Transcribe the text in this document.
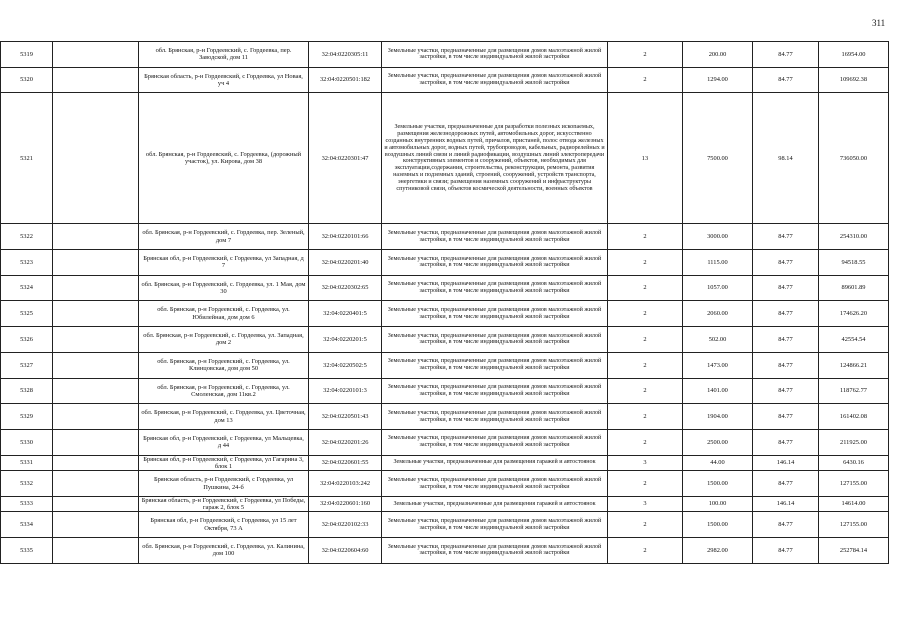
311
5319		обл. Брянская, р-н Гордеевский, с. Гордеевка, пер. Заводской, дом 11	32:04:0220305:11	Земельные участки, предназначенные для размещения домов малоэтажной жилой застройки, в том числе индивидуальной жилой застройки	2	200.00	84.77	16954.00
5320		Брянская область, р-н Гордеевский, с Гордеевка, ул Новая, уч 4	32:04:0220501:182	Земельные участки, предназначенные для размещения домов малоэтажной жилой застройки, в том числе индивидуальной жилой застройки	2	1294.00	84.77	109692.38
5321		обл. Брянская, р-н Гордеевский, с. Гордеевка, (дорожный участок), ул. Кирова, дом 38	32:04:0220301:47	Земельные участки, предназначенные для разработки полезных ископаемых, размещения железнодорожных путей, автомобильных дорог, искусственно созданных внутренних водных путей, причалов, пристаней, полос отвода железных и автомобильных дорог, водных путей, трубопроводов, кабельных, радиорелейных и воздушных линий связи и линий радиофикации, воздушных линий электропередачи конструктивных элементов и сооружений, объектов, необходимых для эксплуатации,содержания, строительства, реконструкции, ремонта, развития наземных и подземных зданий, строений, сооружений, устройств транспорта, энергетики и связи; размещения наземных сооружений и инфраструктуры спутниковой связи, объектов космической деятельности, военных объектов	13	7500.00	98.14	736050.00
5322		обл. Брянская, р-н Гордеевский, с. Гордеевка, пер. Зеленый, дом 7	32:04:0220101:66	Земельные участки, предназначенные для размещения домов малоэтажной жилой застройки, в том числе индивидуальной жилой застройки	2	3000.00	84.77	254310.00
5323		Брянская обл, р-н Гордеевский, с Гордеевка, ул Западная, д 7	32:04:0220201:40	Земельные участки, предназначенные для размещения домов малоэтажной жилой застройки, в том числе индивидуальной жилой застройки	2	1115.00	84.77	94518.55
5324		обл. Брянская, р-н Гордеевский, с. Гордеевка, ул. 1 Мая, дом 30	32:04:0220302:65	Земельные участки, предназначенные для размещения домов малоэтажной жилой застройки, в том числе индивидуальной жилой застройки	2	1057.00	84.77	89601.89
5325		обл. Брянская, р-н Гордеевский, с. Гордеевка, ул. Юбилейная, дом дом 6	32:04:0220401:5	Земельные участки, предназначенные для размещения домов малоэтажной жилой застройки, в том числе индивидуальной жилой застройки	2	2060.00	84.77	174626.20
5326		обл. Брянская, р-н Гордеевский, с. Гордеевка, ул. Западная, дом 2	32:04:0220201:5	Земельные участки, предназначенные для размещения домов малоэтажной жилой застройки, в том числе индивидуальной жилой застройки	2	502.00	84.77	42554.54
5327		обл. Брянская, р-н Гордеевский, с. Гордеевка, ул. Клинцовская, дом дом 50	32:04:0220502:5	Земельные участки, предназначенные для размещения домов малоэтажной жилой застройки, в том числе индивидуальной жилой застройки	2	1473.00	84.77	124866.21
5328		обл. Брянская, р-н Гордеевский, с. Гордеевка, ул. Смоленская, дом 11кв.2	32:04:0220101:3	Земельные участки, предназначенные для размещения домов малоэтажной жилой застройки, в том числе индивидуальной жилой застройки	2	1401.00	84.77	118762.77
5329		обл. Брянская, р-н Гордеевский, с. Гордеевка, ул. Цветочная, дом 13	32:04:0220501:43	Земельные участки, предназначенные для размещения домов малоэтажной жилой застройки, в том числе индивидуальной жилой застройки	2	1904.00	84.77	161402.08
5330		Брянская обл, р-н Гордеевский, с Гордеевка, ул Мальцевка, д 44	32:04:0220201:26	Земельные участки, предназначенные для размещения домов малоэтажной жилой застройки, в том числе индивидуальной жилой застройки	2	2500.00	84.77	211925.00
5331		Брянская обл, р-н Гордеевский, с Гордеевка, ул Гагарина 3, блок 1	32:04:0220601:55	Земельные участки, предназначенные для размещения гаражей и автостоянок	3	44.00	146.14	6430.16
5332		Брянская область, р-н Гордеевский, с Гордеевка, ул Пушкина, 24-б	32:04:0220103:242	Земельные участки, предназначенные для размещения домов малоэтажной жилой застройки, в том числе индивидуальной жилой застройки	2	1500.00	84.77	127155.00
5333		Брянская область, р-н Гордеевский, с Гордеевка, ул Победы, гараж 2, блок 5	32:04:0220601:160	Земельные участки, предназначенные для размещения гаражей и автостоянок	3	100.00	146.14	14614.00
5334		Брянская обл, р-н Гордеевский, с Гордеевка, ул 15 лет Октября, 73 А	32:04:0220102:33	Земельные участки, предназначенные для размещения домов малоэтажной жилой застройки, в том числе индивидуальной жилой застройки	2	1500.00	84.77	127155.00
5335		обл. Брянская, р-н Гордеевский, с. Гордеевка, ул. Калинина, дом 100	32:04:0220604:60	Земельные участки, предназначенные для размещения домов малоэтажной жилой застройки, в том числе индивидуальной жилой застройки	2	2982.00	84.77	252784.14
